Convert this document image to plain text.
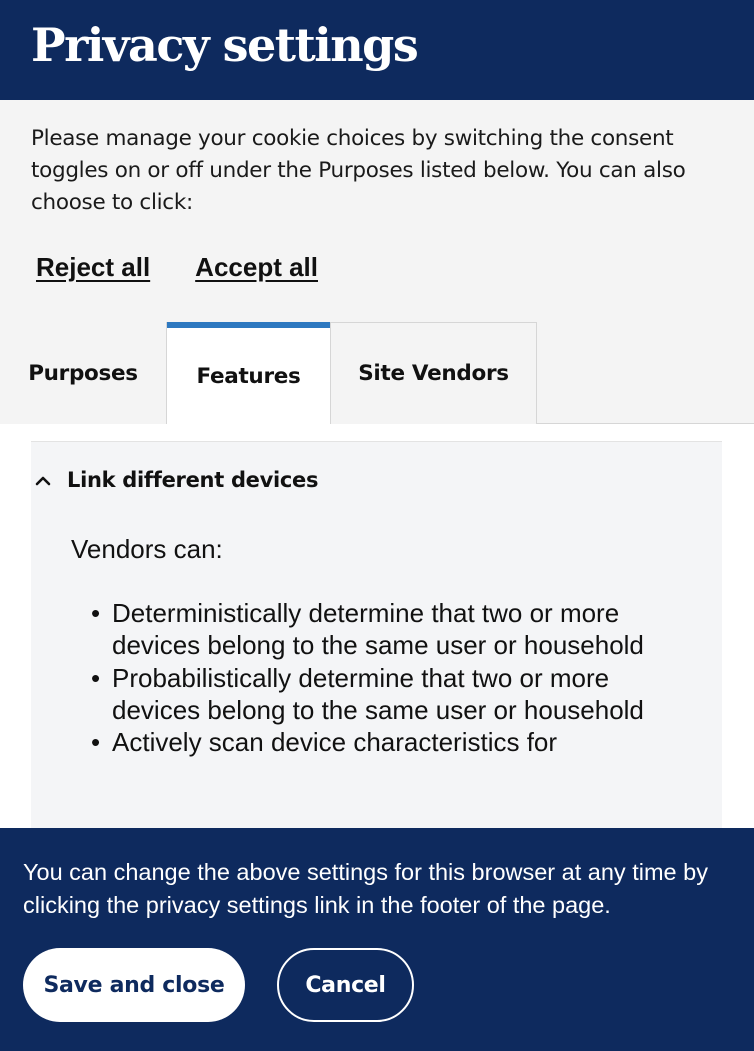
Privacy settings
Please manage your cookie choices by switching the consent toggles on or off under the Purposes listed below. You can also choose to click:
Reject all Accept all
Purposes	Features	Site Vendors
Link different devices
Vendors can:
• Deterministically determine that two or more devices belong to the same user or household
• Probabilistically determine that two or more devices belong to the same user or household
• Actively scan device characteristics for
You can change the above settings for this browser at any time by clicking the privacy settings link in the footer of the page.
Save and close	Cancel
